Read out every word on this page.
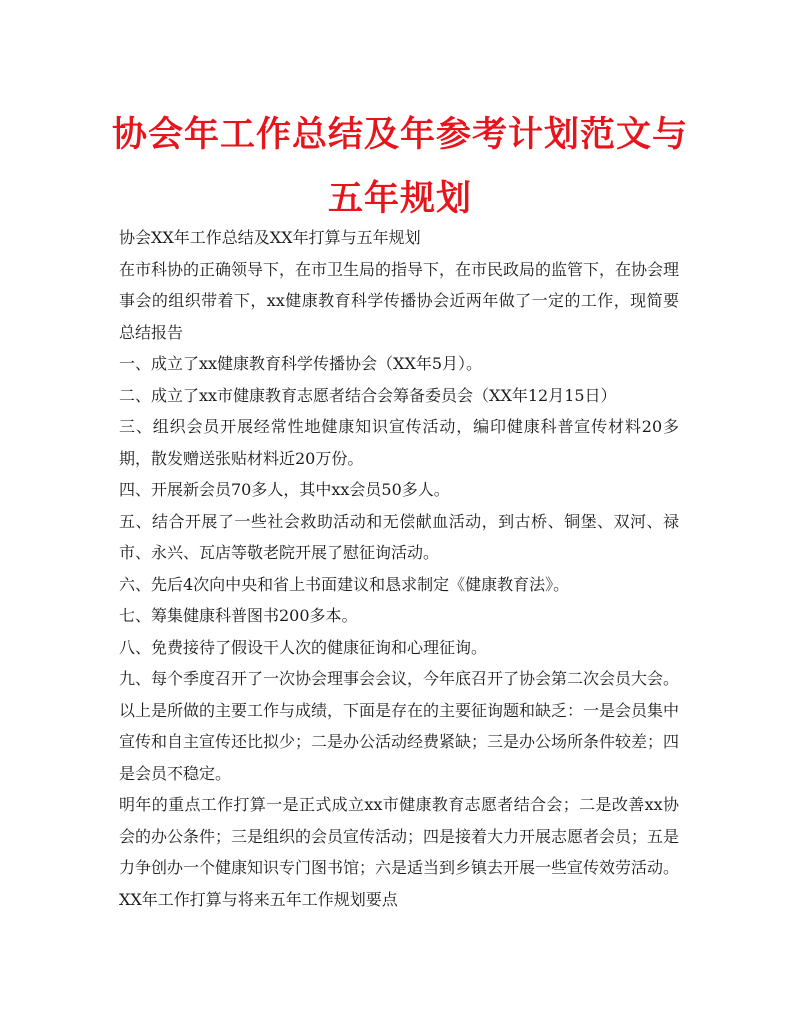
协会年工作总结及年参考计划范文与五年规划

协会XX年工作总结及XX年打算与五年规划

在市科协的正确领导下，在市卫生局的指导下，在市民政局的监管下，在协会理事会的组织带着下，xx健康教育科学传播协会近两年做了一定的工作，现简要总结报告

一、成立了xx健康教育科学传播协会（XX年5月）。

二、成立了xx市健康教育志愿者结合会筹备委员会（XX年12月15日）

三、组织会员开展经常性地健康知识宣传活动，编印健康科普宣传材料20多期，散发赠送张贴材料近20万份。

四、开展新会员70多人，其中xx会员50多人。

五、结合开展了一些社会救助活动和无偿献血活动，到古桥、铜堡、双河、禄市、永兴、瓦店等敬老院开展了慰征询活动。

六、先后4次向中央和省上书面建议和恳求制定《健康教育法》。

七、筹集健康科普图书200多本。

八、免费接待了假设干人次的健康征询和心理征询。

九、每个季度召开了一次协会理事会会议，今年底召开了协会第二次会员大会。

以上是所做的主要工作与成绩，下面是存在的主要征询题和缺乏：一是会员集中宣传和自主宣传还比拟少；二是办公活动经费紧缺；三是办公场所条件较差；四是会员不稳定。

明年的重点工作打算一是正式成立xx市健康教育志愿者结合会；二是改善xx协会的办公条件；三是组织的会员宣传活动；四是接着大力开展志愿者会员；五是力争创办一个健康知识专门图书馆；六是适当到乡镇去开展一些宣传效劳活动。

XX年工作打算与将来五年工作规划要点
